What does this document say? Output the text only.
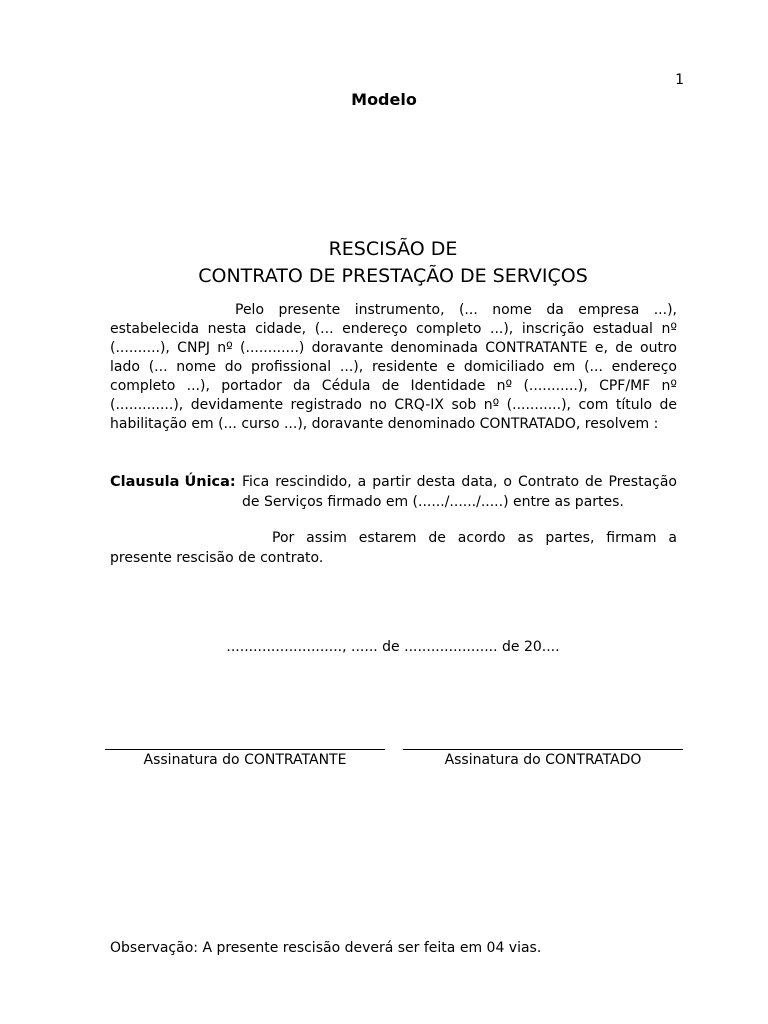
1
Modelo
RESCISÃO DE
CONTRATO DE PRESTAÇÃO DE SERVIÇOS

Pelo presente instrumento, (... nome da empresa ...), estabelecida nesta cidade, (... endereço completo ...), inscrição estadual nº (..........), CNPJ nº (............) doravante denominada CONTRATANTE e, de outro lado (... nome do profissional ...), residente e domiciliado em (... endereço completo ...), portador da Cédula de Identidade nº (...........), CPF/MF nº (.............), devidamente registrado no CRQ-IX sob nº (...........), com título de habilitação em (... curso ...), doravante denominado CONTRATADO, resolvem :

Clausula Única: Fica rescindido, a partir desta data, o Contrato de Prestação de Serviços firmado em (....../....../.....) entre as partes.

Por assim estarem de acordo as partes, firmam a presente rescisão de contrato.

.........................., ...... de ..................... de 20....
Assinatura do CONTRATANTE	Assinatura do CONTRATADO
Observação: A presente rescisão deverá ser feita em 04 vias.
